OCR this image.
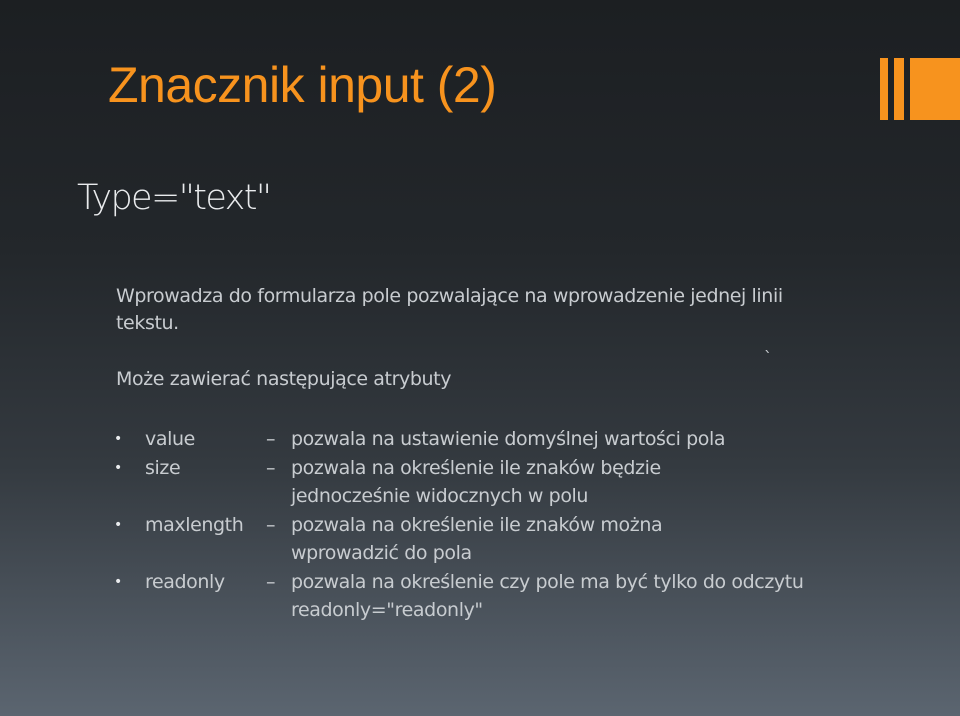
Znacznik input (2)
Type="text"
Wprowadza do formularza pole pozwalające na wprowadzenie jednej linii tekstu.
Może zawierać następujące atrybuty
`
• value	– pozwala na ustawienie domyślnej wartości pola
• size	– pozwala na określenie ile znaków będzie
jednocześnie widocznych w polu
• maxlength – pozwala na określenie ile znaków można
wprowadzić do pola
• readonly – pozwala na określenie czy pole ma być tylko do odczytu
readonly="readonly"
